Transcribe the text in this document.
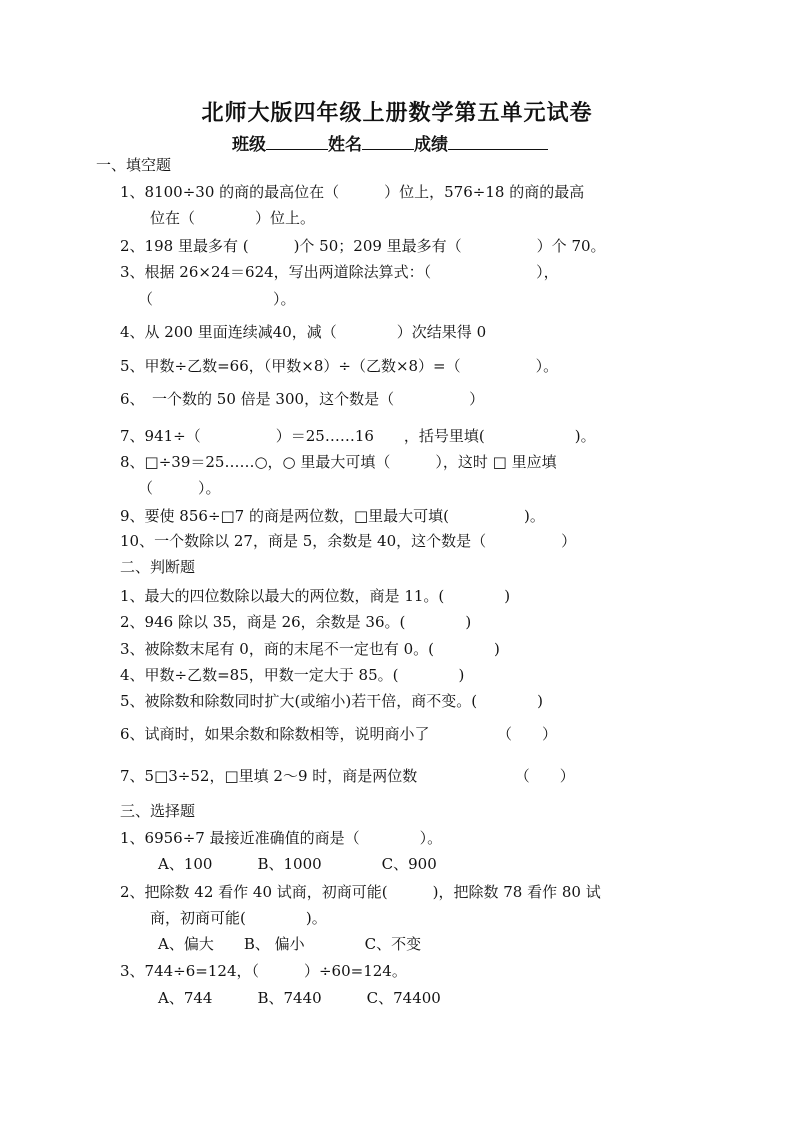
北师大版四年级上册数学第五单元试卷
班级	姓名	成绩
一、填空题
1、8100÷30 的商的最高位在（　　　）位上，576÷18 的商的最高
位在（　　　　）位上。
2、198 里最多有 (　　　)个 50；209 里最多有（　　　　　）个 70。
3、根据 26×24＝624，写出两道除法算式：（　　　　　　　），
（　　　　　　　　）。
4、从 200 里面连续减40，减（　　　　）次结果得 0
5、甲数÷乙数=66，（甲数×8）÷（乙数×8）=（　　　　　）。
6、　一个数的 50 倍是 300，这个数是（　　　　　）
7、941÷（　　　　　）＝25……16　　，括号里填(　　　　　　)。
8、□÷39＝25……○，○ 里最大可填（　　　），这时 □ 里应填
（　　　）。
9、要使 856÷□7 的商是两位数，□里最大可填(　　　　　)。
10、一个数除以 27，商是 5，余数是 40，这个数是（　　　　　）
二、判断题
1、最大的四位数除以最大的两位数，商是 11。(　　　　)
2、946 除以 35，商是 26，余数是 36。(　　　　)
3、被除数末尾有 0，商的末尾不一定也有 0。(　　　　)
4、甲数÷乙数=85，甲数一定大于 85。(　　　　)
5、被除数和除数同时扩大(或缩小)若干倍，商不变。(　　　　)
6、试商时，如果余数和除数相等，说明商小了　　　　　（　　）
7、5□3÷52，□里填 2～9 时，商是两位数　　　　　　　（　　）
三、选择题
1、6956÷7 最接近准确值的商是（　　　　）。
A、100　　　B、1000　　　　C、900
2、把除数 42 看作 40 试商，初商可能(　　　)，把除数 78 看作 80 试
商，初商可能(　　　　)。
A、偏大　　B、 偏小　　　　C、不变
3、744÷6=124，（　　　）÷60=124。
A、744　　　B、7440　　　C、74400
